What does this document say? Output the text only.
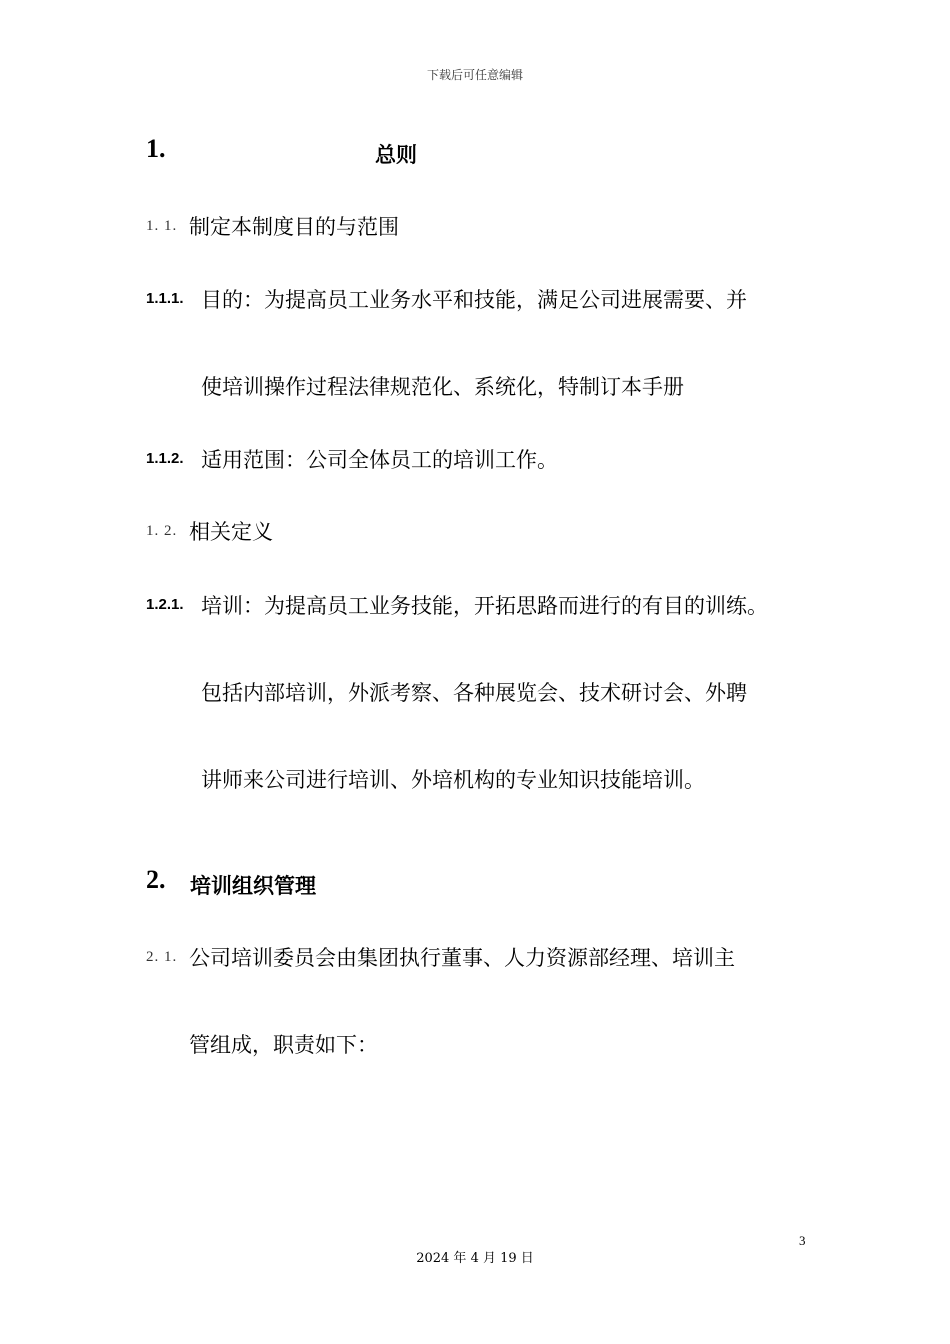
下载后可任意编辑
1.	总则
1. 1. 制定本制度目的与范围
1.1.1. 目的：为提高员工业务水平和技能，满足公司进展需要、并
使培训操作过程法律规范化、系统化，特制订本手册
1.1.2. 适用范围：公司全体员工的培训工作。
1. 2. 相关定义
1.2.1. 培训：为提高员工业务技能，开拓思路而进行的有目的训练。
包括内部培训，外派考察、各种展览会、技术研讨会、外聘
讲师来公司进行培训、外培机构的专业知识技能培训。
2. 培训组织管理
2. 1. 公司培训委员会由集团执行董事、人力资源部经理、培训主
管组成，职责如下：
3
2024 年 4 月 19 日
